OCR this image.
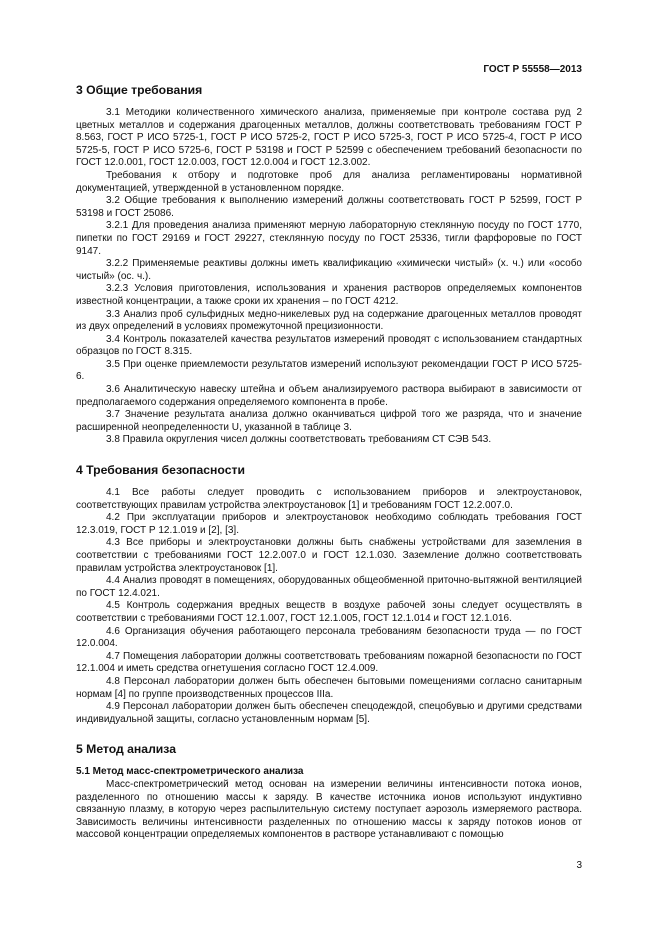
ГОСТ Р 55558—2013
3 Общие требования

3.1 Методики количественного химического анализа, применяемые при контроле состава руд 2 цветных металлов и содержания драгоценных металлов, должны соответствовать требованиям ГОСТ Р 8.563, ГОСТ Р ИСО 5725-1, ГОСТ Р ИСО 5725-2, ГОСТ Р ИСО 5725-3, ГОСТ Р ИСО 5725-4, ГОСТ Р ИСО 5725-5, ГОСТ Р ИСО 5725-6, ГОСТ Р 53198 и ГОСТ Р 52599 с обеспечением требований безопасности по ГОСТ 12.0.001, ГОСТ 12.0.003, ГОСТ 12.0.004 и ГОСТ 12.3.002.

Требования к отбору и подготовке проб для анализа регламентированы нормативной документацией, утвержденной в установленном порядке.

3.2 Общие требования к выполнению измерений должны соответствовать ГОСТ Р 52599, ГОСТ Р 53198 и ГОСТ 25086.

3.2.1 Для проведения анализа применяют мерную лабораторную стеклянную посуду по ГОСТ 1770, пипетки по ГОСТ 29169 и ГОСТ 29227, стеклянную посуду по ГОСТ 25336, тигли фарфоровые по ГОСТ 9147.

3.2.2 Применяемые реактивы должны иметь квалификацию «химически чистый» (х. ч.) или «особо чистый» (ос. ч.).

3.2.3 Условия приготовления, использования и хранения растворов определяемых компонентов известной концентрации, а также сроки их хранения – по ГОСТ 4212.

3.3 Анализ проб сульфидных медно-никелевых руд на содержание драгоценных металлов проводят из двух определений в условиях промежуточной прецизионности.

3.4 Контроль показателей качества результатов измерений проводят с использованием стандартных образцов по ГОСТ 8.315.

3.5 При оценке приемлемости результатов измерений используют рекомендации ГОСТ Р ИСО 5725-6.

3.6 Аналитическую навеску штейна и объем анализируемого раствора выбирают в зависимости от предполагаемого содержания определяемого компонента в пробе.

3.7 Значение результата анализа должно оканчиваться цифрой того же разряда, что и значение расширенной неопределенности U, указанной в таблице 3.

3.8 Правила округления чисел должны соответствовать требованиям СТ СЭВ 543.

4 Требования безопасности

4.1 Все работы следует проводить с использованием приборов и электроустановок, соответствующих правилам устройства электроустановок [1] и требованиям ГОСТ 12.2.007.0.

4.2 При эксплуатации приборов и электроустановок необходимо соблюдать требования ГОСТ 12.3.019, ГОСТ Р 12.1.019 и [2], [3].

4.3 Все приборы и электроустановки должны быть снабжены устройствами для заземления в соответствии с требованиями ГОСТ 12.2.007.0 и ГОСТ 12.1.030. Заземление должно соответствовать правилам устройства электроустановок [1].

4.4 Анализ проводят в помещениях, оборудованных общеобменной приточно-вытяжной вентиляцией по ГОСТ 12.4.021.

4.5 Контроль содержания вредных веществ в воздухе рабочей зоны следует осуществлять в соответствии с требованиями ГОСТ 12.1.007, ГОСТ 12.1.005, ГОСТ 12.1.014 и ГОСТ 12.1.016.

4.6 Организация обучения работающего персонала требованиям безопасности труда — по ГОСТ 12.0.004.

4.7 Помещения лаборатории должны соответствовать требованиям пожарной безопасности по ГОСТ 12.1.004 и иметь средства огнетушения согласно ГОСТ 12.4.009.

4.8 Персонал лаборатории должен быть обеспечен бытовыми помещениями согласно санитарным нормам [4] по группе производственных процессов IIIа.

4.9 Персонал лаборатории должен быть обеспечен спецодеждой, спецобувью и другими средствами индивидуальной защиты, согласно установленным нормам [5].

5 Метод анализа
5.1 Метод масс-спектрометрического анализа

Масс-спектрометрический метод основан на измерении величины интенсивности потока ионов, разделенного по отношению массы к заряду. В качестве источника ионов используют индуктивно связанную плазму, в которую через распылительную систему поступает аэрозоль измеряемого раствора. Зависимость величины интенсивности разделенных по отношению массы к заряду потоков ионов от массовой концентрации определяемых компонентов в растворе устанавливают с помощью

3
